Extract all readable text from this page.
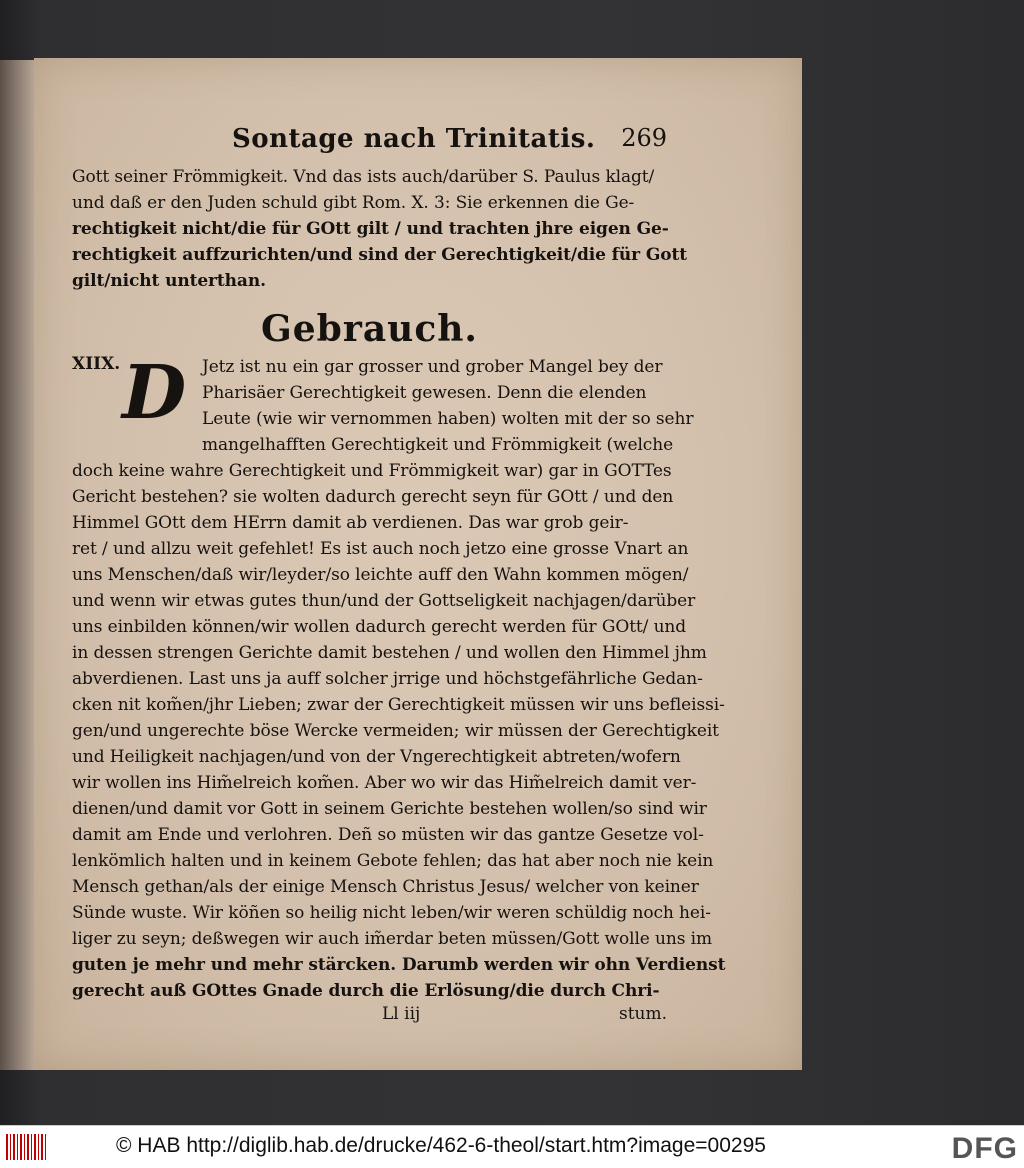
Sontage nach Trinitatis. 269
Gott seiner Frömmigkeit. Vnd das ists auch/darüber S. Paulus klagt/
und daß er den Juden schuld gibt Rom. X. 3: Sie erkennen die Ge-
rechtigkeit nicht/die für GOtt gilt / und trachten jhre eigen Ge-
rechtigkeit auffzurichten/und sind der Gerechtigkeit/die für Gott
gilt/nicht unterthan.
Gebrauch.
XIIX. D Jetz ist nu ein gar grosser und grober Mangel bey der
Pharisäer Gerechtigkeit gewesen. Denn die elenden
Leute (wie wir vernommen haben) wolten mit der so sehr
mangelhafften Gerechtigkeit und Frömmigkeit (welche
doch keine wahre Gerechtigkeit und Frömmigkeit war) gar in GOTTes
Gericht bestehen? sie wolten dadurch gerecht seyn für GOtt / und den
Himmel GOtt dem HErrn damit ab verdienen. Das war grob geir-
ret / und allzu weit gefehlet! Es ist auch noch jetzo eine grosse Vnart an
uns Menschen/daß wir/leyder/so leichte auff den Wahn kommen mögen/
und wenn wir etwas gutes thun/und der Gottseligkeit nachjagen/darüber
uns einbilden können/wir wollen dadurch gerecht werden für GOtt/ und
in dessen strengen Gerichte damit bestehen / und wollen den Himmel jhm
abverdienen. Last uns ja auff solcher jrrige und höchstgefährliche Gedan-
cken nit kom̃en/jhr Lieben; zwar der Gerechtigkeit müssen wir uns befleissi-
gen/und ungerechte böse Wercke vermeiden; wir müssen der Gerechtigkeit
und Heiligkeit nachjagen/und von der Vngerechtigkeit abtreten/wofern
wir wollen ins Him̃elreich kom̃en. Aber wo wir das Him̃elreich damit ver-
dienen/und damit vor Gott in seinem Gerichte bestehen wollen/so sind wir
damit am Ende und verlohren. Deñ so müsten wir das gantze Gesetze vol-
lenkömlich halten und in keinem Gebote fehlen; das hat aber noch nie kein
Mensch gethan/als der einige Mensch Christus Jesus/ welcher von keiner
Sünde wuste. Wir köñen so heilig nicht leben/wir weren schüldig noch hei-
liger zu seyn; deßwegen wir auch im̃erdar beten müssen/Gott wolle uns im
guten je mehr und mehr stärcken. Darumb werden wir ohn Verdienst
gerecht auß GOttes Gnade durch die Erlösung/die durch Chri-
Ll iij	stum.
© HAB http://diglib.hab.de/drucke/462-6-theol/start.htm?image=00295	DFG
